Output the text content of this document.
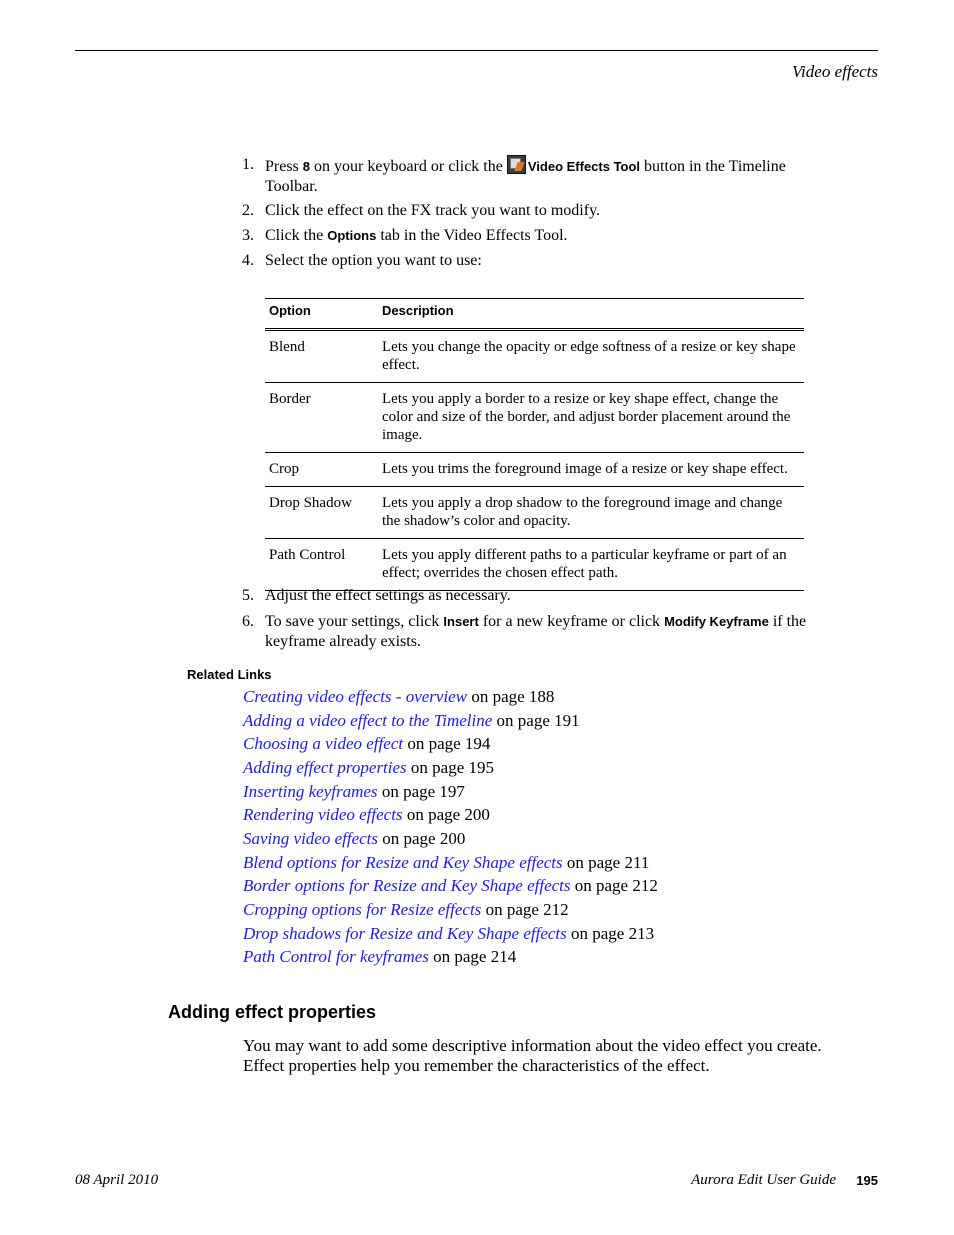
Video effects
1. Press 8 on your keyboard or click the Video Effects Tool button in the Timeline Toolbar.
2. Click the effect on the FX track you want to modify.
3. Click the Options tab in the Video Effects Tool.
4. Select the option you want to use:
Option	Description
Blend	Lets you change the opacity or edge softness of a resize or key shape effect.
Border	Lets you apply a border to a resize or key shape effect, change the color and size of the border, and adjust border placement around the image.
Crop	Lets you trims the foreground image of a resize or key shape effect.
Drop Shadow	Lets you apply a drop shadow to the foreground image and change the shadow’s color and opacity.
Path Control	Lets you apply different paths to a particular keyframe or part of an effect; overrides the chosen effect path.
5. Adjust the effect settings as necessary.
6. To save your settings, click Insert for a new keyframe or click Modify Keyframe if the keyframe already exists.
Related Links
Creating video effects - overview on page 188
Adding a video effect to the Timeline on page 191
Choosing a video effect on page 194
Adding effect properties on page 195
Inserting keyframes on page 197
Rendering video effects on page 200
Saving video effects on page 200
Blend options for Resize and Key Shape effects on page 211
Border options for Resize and Key Shape effects on page 212
Cropping options for Resize effects on page 212
Drop shadows for Resize and Key Shape effects on page 213
Path Control for keyframes on page 214
Adding effect properties
You may want to add some descriptive information about the video effect you create. Effect properties help you remember the characteristics of the effect.
08 April 2010	Aurora Edit User Guide 195
